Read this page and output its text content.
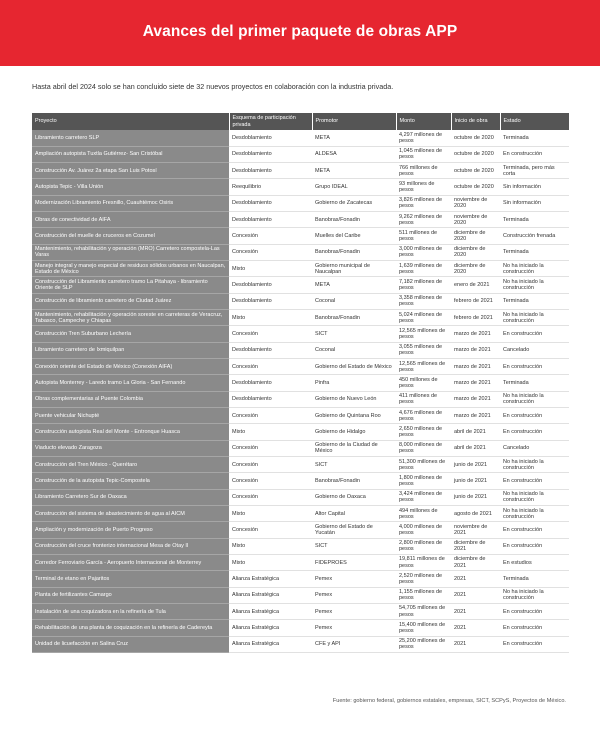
Avances del primer paquete de obras APP
Hasta abril del 2024 solo se han concluido siete de 32 nuevos proyectos en colaboración con la industria privada.
Proyecto	Esquema de participación privada	Promotor	Monto	Inicio de obra	Estado
Libramiento carretero SLP	Desdoblamiento	META	4,297 millones de pesos	octubre de 2020	Terminada
Ampliación autopista Tuxtla Gutiérrez- San Cristóbal	Desdoblamiento	ALDESA	1,045 millones de pesos	octubre de 2020	En construcción
Construcción Av. Juárez 2a etapa San Luis Potosí	Desdoblamiento	META	766 millones de pesos	octubre de 2020	Terminada, pero más corta
Autopista Tepic - Villa Unión	Reequilibrio	Grupo IDEAL	93 millones de pesos	octubre de 2020	Sin información
Modernización Libramiento Fresnillo, Cuauhtémoc Osiris	Desdoblamiento	Gobierno de Zacatecas	3,826 millones de pesos	noviembre de 2020	Sin información
Obras de conectividad de AIFA	Desdoblamiento	Banobras/Fonadin	9,262 millones de pesos	noviembre de 2020	Terminada
Construcción del muelle de cruceros en Cozumel	Concesión	Muelles del Caribe	511 millones de pesos	diciembre de 2020	Construcción frenada
Mantenimiento, rehabilitación y operación (MRO) Carretero compostela-Las Varas	Concesión	Banobras/Fonadin	3,000 millones de pesos	diciembre de 2020	Terminada
Manejo integral y manejo especial de residuos sólidos urbanos en Naucalpan, Estado de México	Mixto	Gobierno municipal de Naucalpan	1,639 millones de pesos	diciembre de 2020	No ha iniciado la construcción
Construcción del Libramiento carretero tramo La Pitahaya - libramiento Oriente de SLP	Desdoblamiento	META	7,182 millones de pesos	enero de 2021	No ha iniciado la construcción
Construcción de libramiento carretero de Ciudad Juárez	Desdoblamiento	Coconal	3,358 millones de pesos	febrero de 2021	Terminada
Mantenimiento, rehabilitación y operación soreste en carreteras de Veracruz, Tabasco, Campeche y Chiapas	Mixto	Banobras/Fonadin	5,024 millones de pesos	febrero de 2021	No ha iniciado la construcción
Construcción Tren Suburbano Lechería	Concesión	SICT	12,565 millones de pesos	marzo de 2021	En construcción
Libramiento carretero de Ixmiquilpan	Desdoblamiento	Coconal	3,055 millones de pesos	marzo de 2021	Cancelado
Conexión oriente del Estado de México (Conexión AIFA)	Concesión	Gobierno del Estado de México	12,565 millones de pesos	marzo de 2021	En construcción
Autopista Monterrey - Laredo tramo La Gloria - San Fernando	Desdoblamiento	Pinfra	450 millones de pesos	marzo de 2021	Terminada
Obras complementarias al Puente Colombia	Desdoblamiento	Gobierno de Nuevo León	411 millones de pesos	marzo de 2021	No ha iniciado la construcción
Puente vehicular Nichupté	Concesión	Gobierno de Quintana Roo	4,676 millones de pesos	marzo de 2021	En construcción
Construcción autopista Real del Monte - Entronque Huasca	Mixto	Gobierno de Hidalgo	2,650 millones de pesos	abril de 2021	En construcción
Viaducto elevado Zaragoza	Concesión	Gobierno de la Ciudad de México	8,000 millones de pesos	abril de 2021	Cancelado
Construcción del Tren México - Querétaro	Concesión	SICT	51,300 millones de pesos	junio de 2021	No ha iniciado la construcción
Construcción de la autopista Tepic-Compostela	Concesión	Banobras/Fonadin	1,800 millones de pesos	junio de 2021	En construcción
Libramiento Carretero Sur de Oaxaca	Concesión	Gobierno de Oaxaca	3,424 millones de pesos	junio de 2021	No ha iniciado la construcción
Construcción del sistema de abastecimiento de agua al AICM	Mixto	Altor Capital	494 millones de pesos	agosto de 2021	No ha iniciado la construcción
Ampliación y modernización de Puerto Progreso	Concesión	Gobierno del Estado de Yucatán	4,000 millones de pesos	noviembre de 2021	En construcción
Construcción del cruce fronterizo internacional Mesa de Otay II	Mixto	SICT	2,800 millones de pesos	diciembre de 2021	En construcción
Corredor Ferroviario García - Aeropuerto Internacional de Monterrey	Mixto	FIDEPROES	19,811 millones de pesos	diciembre de 2021	En estudios
Terminal de etano en Pajaritos	Alianza Estratégica	Pemex	2,520 millones de pesos	2021	Terminada
Planta de fertilizantes Camargo	Alianza Estratégica	Pemex	1,155 millones de pesos	2021	No ha iniciado la construcción
Instalación de una coquizadora en la refinería de Tula	Alianza Estratégica	Pemex	54,705 millones de pesos	2021	En construcción
Rehabilitación de una planta de coquización en la refinería de Cadereyta	Alianza Estratégica	Pemex	15,400 millones de pesos	2021	En construcción
Unidad de licuefacción en Salina Cruz	Alianza Estratégica	CFE y API	25,200 millones de pesos	2021	En construcción
Fuente: gobierno federal, gobiernos estatales, empresas, SICT, SCPyS, Proyectos de México.
